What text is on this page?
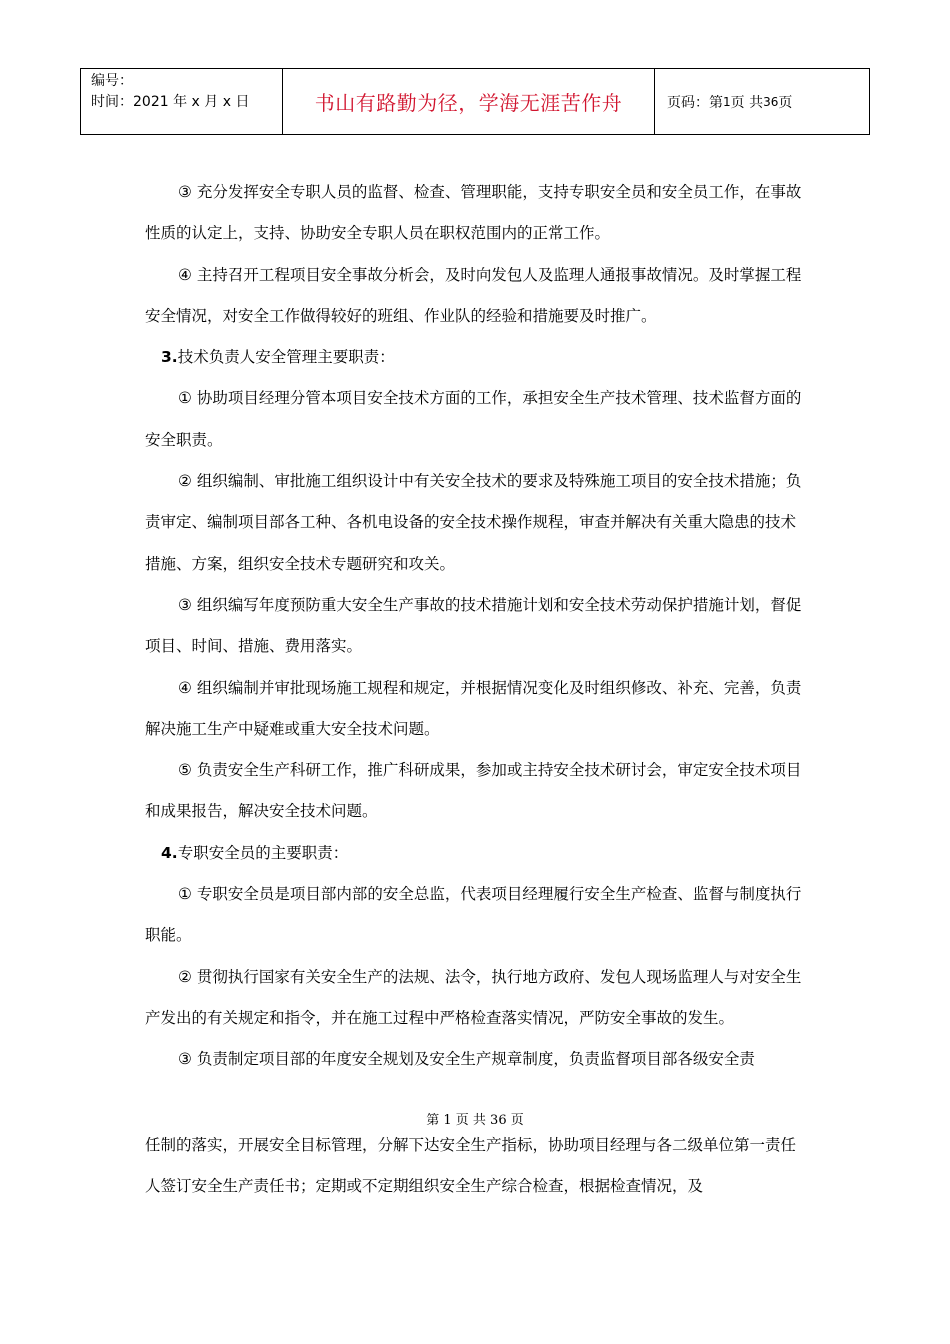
编号：
时间：2021 年 x 月 x 日	书山有路勤为径，学海无涯苦作舟	页码：第 1 页 共 36 页

③ 充分发挥安全专职人员的监督、检查、管理职能，支持专职安全员和安全员工作，在事故性质的认定上，支持、协助安全专职人员在职权范围内的正常工作。

④ 主持召开工程项目安全事故分析会，及时向发包人及监理人通报事故情况。及时掌握工程安全情况，对安全工作做得较好的班组、作业队的经验和措施要及时推广。

3.技术负责人安全管理主要职责：

① 协助项目经理分管本项目安全技术方面的工作，承担安全生产技术管理、技术监督方面的安全职责。

② 组织编制、审批施工组织设计中有关安全技术的要求及特殊施工项目的安全技术措施；负责审定、编制项目部各工种、各机电设备的安全技术操作规程，审查并解决有关重大隐患的技术措施、方案，组织安全技术专题研究和攻关。

③ 组织编写年度预防重大安全生产事故的技术措施计划和安全技术劳动保护措施计划，督促项目、时间、措施、费用落实。

④ 组织编制并审批现场施工规程和规定，并根据情况变化及时组织修改、补充、完善，负责解决施工生产中疑难或重大安全技术问题。

⑤ 负责安全生产科研工作，推广科研成果，参加或主持安全技术研讨会，审定安全技术项目和成果报告，解决安全技术问题。

4.专职安全员的主要职责：

① 专职安全员是项目部内部的安全总监，代表项目经理履行安全生产检查、监督与制度执行职能。

② 贯彻执行国家有关安全生产的法规、法令，执行地方政府、发包人现场监理人与对安全生产发出的有关规定和指令，并在施工过程中严格检查落实情况，严防安全事故的发生。

③ 负责制定项目部的年度安全规划及安全生产规章制度，负责监督项目部各级安全责

第 1 页 共 36 页

任制的落实，开展安全目标管理，分解下达安全生产指标，协助项目经理与各二级单位第一责任人签订安全生产责任书；定期或不定期组织安全生产综合检查，根据检查情况，及
